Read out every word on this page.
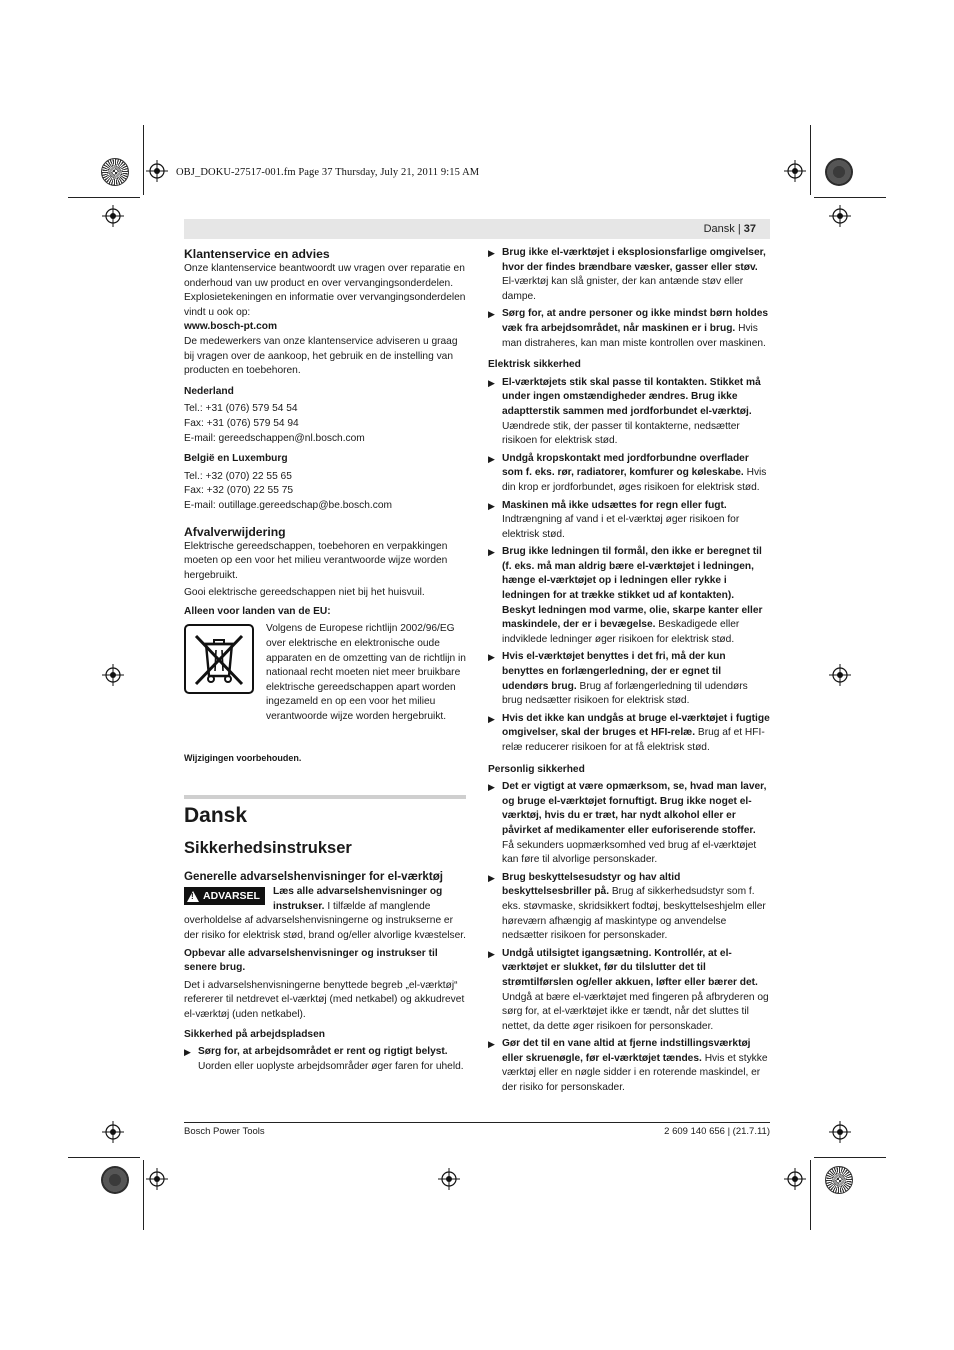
OBJ_DOKU-27517-001.fm Page 37 Thursday, July 21, 2011 9:15 AM
Dansk | 37

Klantenservice en advies

Onze klantenservice beantwoordt uw vragen over reparatie en onderhoud van uw product en over vervangingsonderdelen. Explosietekeningen en informatie over vervangingsonderdelen vindt u ook op:

www.bosch-pt.com

De medewerkers van onze klantenservice adviseren u graag bij vragen over de aankoop, het gebruik en de instelling van producten en toebehoren.

Nederland

Tel.: +31 (076) 579 54 54

Fax: +31 (076) 579 54 94

E-mail: gereedschappen@nl.bosch.com

België en Luxemburg

Tel.: +32 (070) 22 55 65

Fax: +32 (070) 22 55 75

E-mail: outillage.gereedschap@be.bosch.com

Afvalverwijdering

Elektrische gereedschappen, toebehoren en verpakkingen moeten op een voor het milieu verantwoorde wijze worden hergebruikt.

Gooi elektrische gereedschappen niet bij het huisvuil.

Alleen voor landen van de EU:

Volgens de Europese richtlijn 2002/96/EG over elektrische en elektronische oude apparaten en de omzetting van de richtlijn in nationaal recht moeten niet meer bruikbare elektrische gereedschappen apart worden ingezameld en op een voor het milieu verantwoorde wijze worden hergebruikt.

Wijzigingen voorbehouden.

Dansk

Sikkerhedsinstrukser

Generelle advarselshenvisninger for el-værktøj

!
ADVARSEL	Læs alle advarselshenvisninger og instrukser. I tilfælde af manglende overholdelse af advarselshenvisningerne og instrukserne er der risiko for elektrisk stød, brand og/eller alvorlige kvæstelser.

Opbevar alle advarselshenvisninger og instrukser til senere brug.

Det i advarselshenvisningerne benyttede begreb „el-værktøj“ refererer til netdrevet el-værktøj (med netkabel) og akkudrevet el-værktøj (uden netkabel).

Sikkerhed på arbejdspladsen

▶ Sørg for, at arbejdsområdet er rent og rigtigt belyst. Uorden eller uoplyste arbejdsområder øger faren for uheld.
▶ Brug ikke el-værktøjet i eksplosionsfarlige omgivelser, hvor der findes brændbare væsker, gasser eller støv. El-værktøj kan slå gnister, der kan antænde støv eller dampe.
▶ Sørg for, at andre personer og ikke mindst børn holdes væk fra arbejdsområdet, når maskinen er i brug. Hvis man distraheres, kan man miste kontrollen over maskinen.

Elektrisk sikkerhed

▶ El-værktøjets stik skal passe til kontakten. Stikket må under ingen omstændigheder ændres. Brug ikke adaptterstik sammen med jordforbundet el-værktøj. Uændrede stik, der passer til kontakterne, nedsætter risikoen for elektrisk stød.
▶ Undgå kropskontakt med jordforbundne overflader som f. eks. rør, radiatorer, komfurer og køleskabe. Hvis din krop er jordforbundet, øges risikoen for elektrisk stød.
▶ Maskinen må ikke udsættes for regn eller fugt. Indtrængning af vand i et el-værktøj øger risikoen for elektrisk stød.
▶ Brug ikke ledningen til formål, den ikke er beregnet til (f. eks. må man aldrig bære el-værktøjet i ledningen, hænge el-værktøjet op i ledningen eller rykke i ledningen for at trække stikket ud af kontakten). Beskyt ledningen mod varme, olie, skarpe kanter eller maskindele, der er i bevægelse. Beskadigede eller indviklede ledninger øger risikoen for elektrisk stød.
▶ Hvis el-værktøjet benyttes i det fri, må der kun benyttes en forlængerledning, der er egnet til udendørs brug. Brug af forlængerledning til udendørs brug nedsætter risikoen for elektrisk stød.
▶ Hvis det ikke kan undgås at bruge el-værktøjet i fugtige omgivelser, skal der bruges et HFI-relæ. Brug af et HFI-relæ reducerer risikoen for at få elektrisk stød.

Personlig sikkerhed

▶ Det er vigtigt at være opmærksom, se, hvad man laver, og bruge el-værktøjet fornuftigt. Brug ikke noget el-værktøj, hvis du er træt, har nydt alkohol eller er påvirket af medikamenter eller euforiserende stoffer. Få sekunders uopmærksomhed ved brug af el-værktøjet kan føre til alvorlige personskader.
▶ Brug beskyttelsesudstyr og hav altid beskyttelsesbriller på. Brug af sikkerhedsudstyr som f. eks. støvmaske, skridsikkert fodtøj, beskyttelseshjelm eller høreværn afhængig af maskintype og anvendelse nedsætter risikoen for personskader.
▶ Undgå utilsigtet igangsætning. Kontrollér, at el-værktøjet er slukket, før du tilslutter det til strømtilførslen og/eller akkuen, løfter eller bærer det. Undgå at bære el-værktøjet med fingeren på afbryderen og sørg for, at el-værktøjet ikke er tændt, når det sluttes til nettet, da dette øger risikoen for personskader.
▶ Gør det til en vane altid at fjerne indstillingsværktøj eller skruenøgle, før el-værktøjet tændes. Hvis et stykke værktøj eller en nøgle sidder i en roterende maskindel, er der risiko for personskader.
Bosch Power Tools	2 609 140 656 | (21.7.11)
